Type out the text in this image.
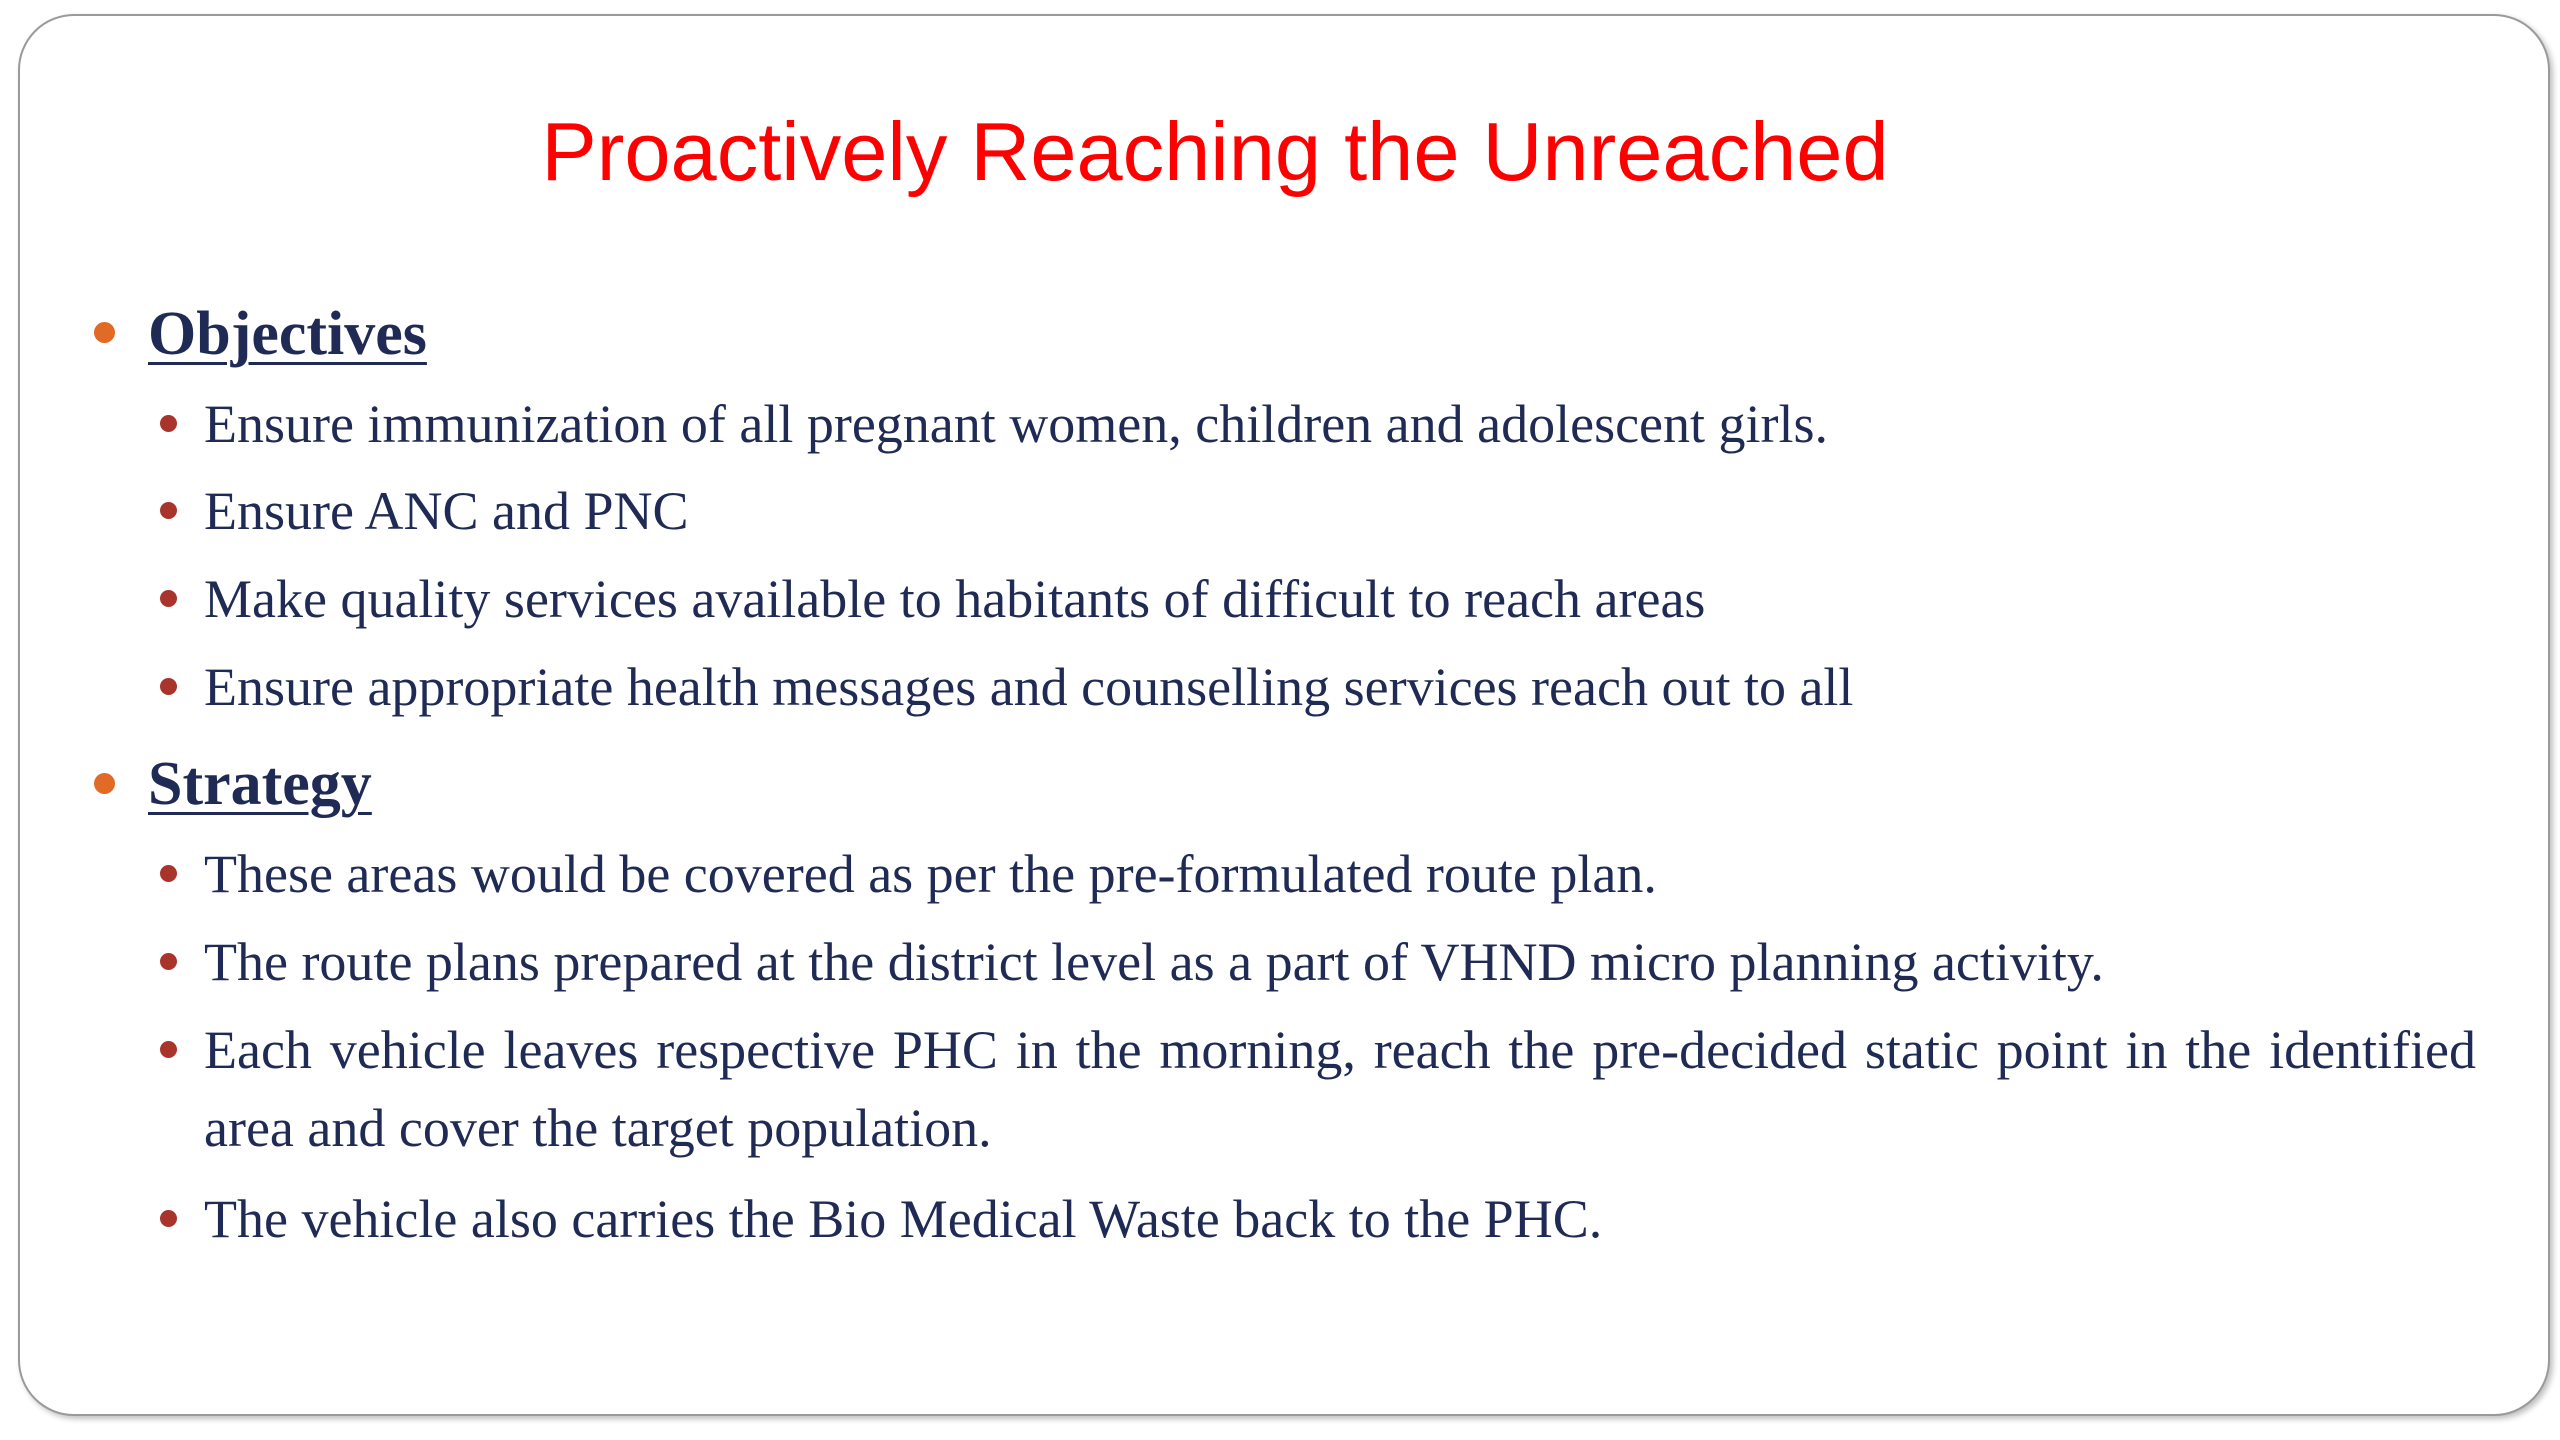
Proactively Reaching the Unreached
Objectives
Ensure immunization of all pregnant women, children and adolescent girls.
Ensure ANC and PNC
Make quality services available to habitants of difficult to reach areas
Ensure appropriate health messages and counselling services reach out to all
Strategy
These areas would be covered as per the pre-formulated route plan.
The route plans prepared at the district level as a part of VHND micro planning activity.
Each vehicle leaves respective PHC in the morning, reach the pre-decided static point in the identified area and cover the target population.
The vehicle also carries the Bio Medical Waste back to the PHC.
